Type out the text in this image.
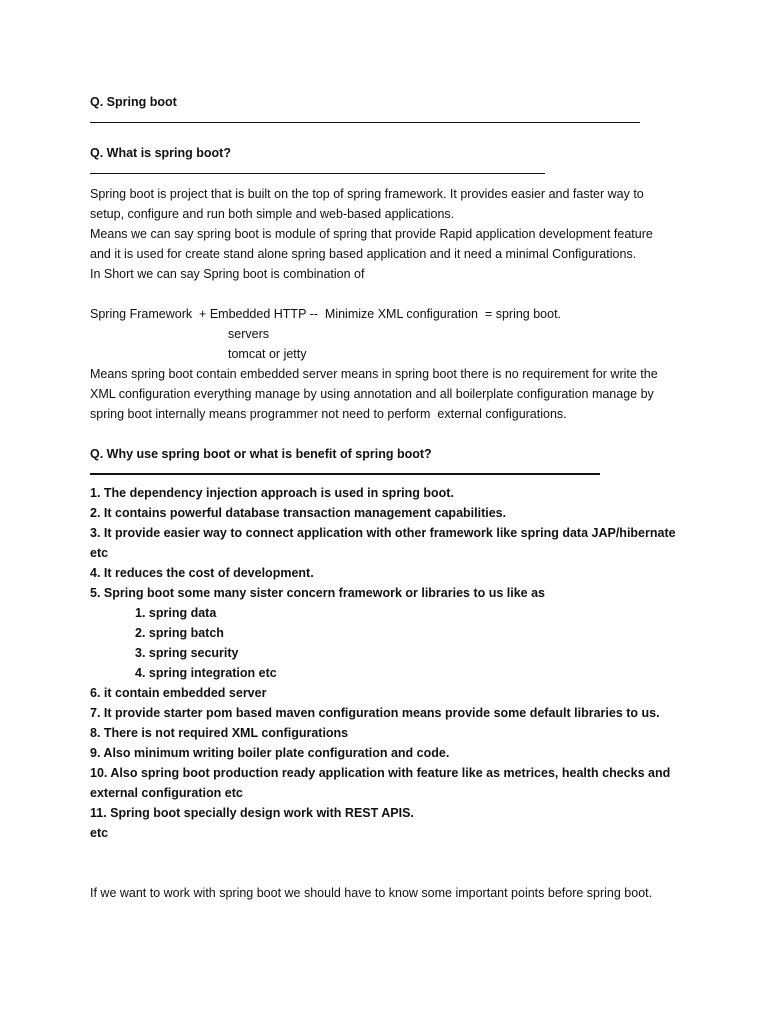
Q. Spring boot
Q. What is spring boot?
Spring boot is project that is built on the top of spring framework. It provides easier and faster way to
setup, configure and run both simple and web-based applications.
Means we can say spring boot is module of spring that provide Rapid application development feature
and it is used for create stand alone spring based application and it need a minimal Configurations.
In Short we can say Spring boot is combination of
Spring Framework  + Embedded HTTP --  Minimize XML configuration  = spring boot.
servers
tomcat or jetty
Means spring boot contain embedded server means in spring boot there is no requirement for write the
XML configuration everything manage by using annotation and all boilerplate configuration manage by
spring boot internally means programmer not need to perform  external configurations.
Q. Why use spring boot or what is benefit of spring boot?
1. The dependency injection approach is used in spring boot.
2. It contains powerful database transaction management capabilities.
3. It provide easier way to connect application with other framework like spring data JAP/hibernate
etc
4. It reduces the cost of development.
5. Spring boot some many sister concern framework or libraries to us like as
1. spring data
2. spring batch
3. spring security
4. spring integration etc
6. it contain embedded server
7. It provide starter pom based maven configuration means provide some default libraries to us.
8. There is not required XML configurations
9. Also minimum writing boiler plate configuration and code.
10. Also spring boot production ready application with feature like as metrices, health checks and
external configuration etc
11. Spring boot specially design work with REST APIS.
etc
If we want to work with spring boot we should have to know some important points before spring boot.
